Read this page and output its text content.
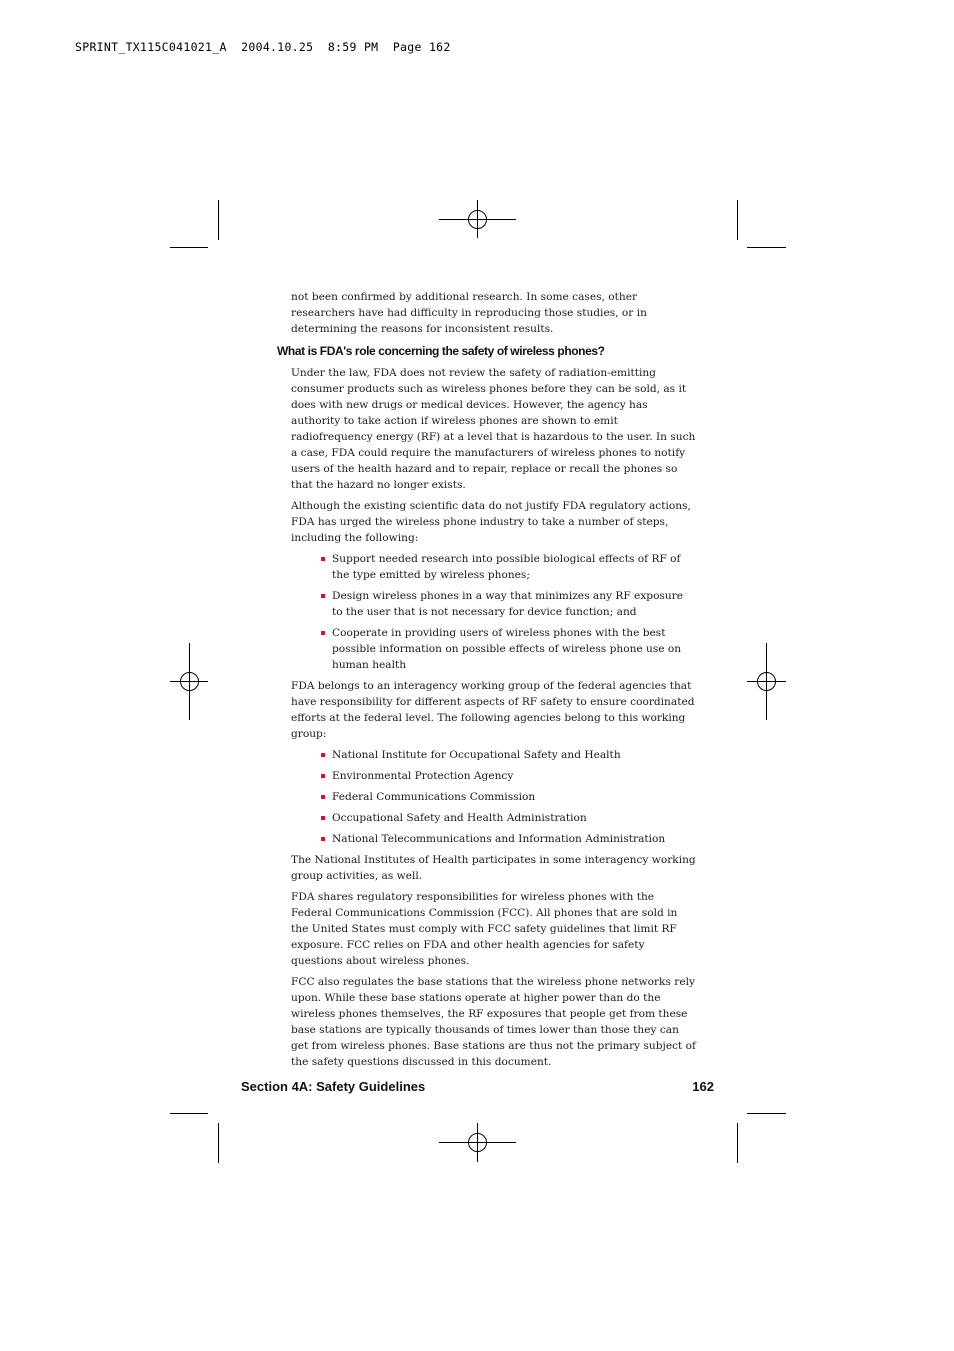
SPRINT_TX115C041021_A  2004.10.25  8:59 PM  Page 162

not been confirmed by additional research. In some cases, other researchers have had difficulty in reproducing those studies, or in determining the reasons for inconsistent results.

What is FDA's role concerning the safety of wireless phones?

Under the law, FDA does not review the safety of radiation-emitting consumer products such as wireless phones before they can be sold, as it does with new drugs or medical devices. However, the agency has authority to take action if wireless phones are shown to emit radiofrequency energy (RF) at a level that is hazardous to the user. In such a case, FDA could require the manufacturers of wireless phones to notify users of the health hazard and to repair, replace or recall the phones so that the hazard no longer exists.

Although the existing scientific data do not justify FDA regulatory actions, FDA has urged the wireless phone industry to take a number of steps, including the following:

Support needed research into possible biological effects of RF of the type emitted by wireless phones;
Design wireless phones in a way that minimizes any RF exposure to the user that is not necessary for device function; and
Cooperate in providing users of wireless phones with the best possible information on possible effects of wireless phone use on human health

FDA belongs to an interagency working group of the federal agencies that have responsibility for different aspects of RF safety to ensure coordinated efforts at the federal level. The following agencies belong to this working group:

National Institute for Occupational Safety and Health
Environmental Protection Agency
Federal Communications Commission
Occupational Safety and Health Administration
National Telecommunications and Information Administration

The National Institutes of Health participates in some interagency working group activities, as well.

FDA shares regulatory responsibilities for wireless phones with the Federal Communications Commission (FCC). All phones that are sold in the United States must comply with FCC safety guidelines that limit RF exposure. FCC relies on FDA and other health agencies for safety questions about wireless phones.

FCC also regulates the base stations that the wireless phone networks rely upon. While these base stations operate at higher power than do the wireless phones themselves, the RF exposures that people get from these base stations are typically thousands of times lower than those they can get from wireless phones. Base stations are thus not the primary subject of the safety questions discussed in this document.

Section 4A: Safety Guidelines	162
